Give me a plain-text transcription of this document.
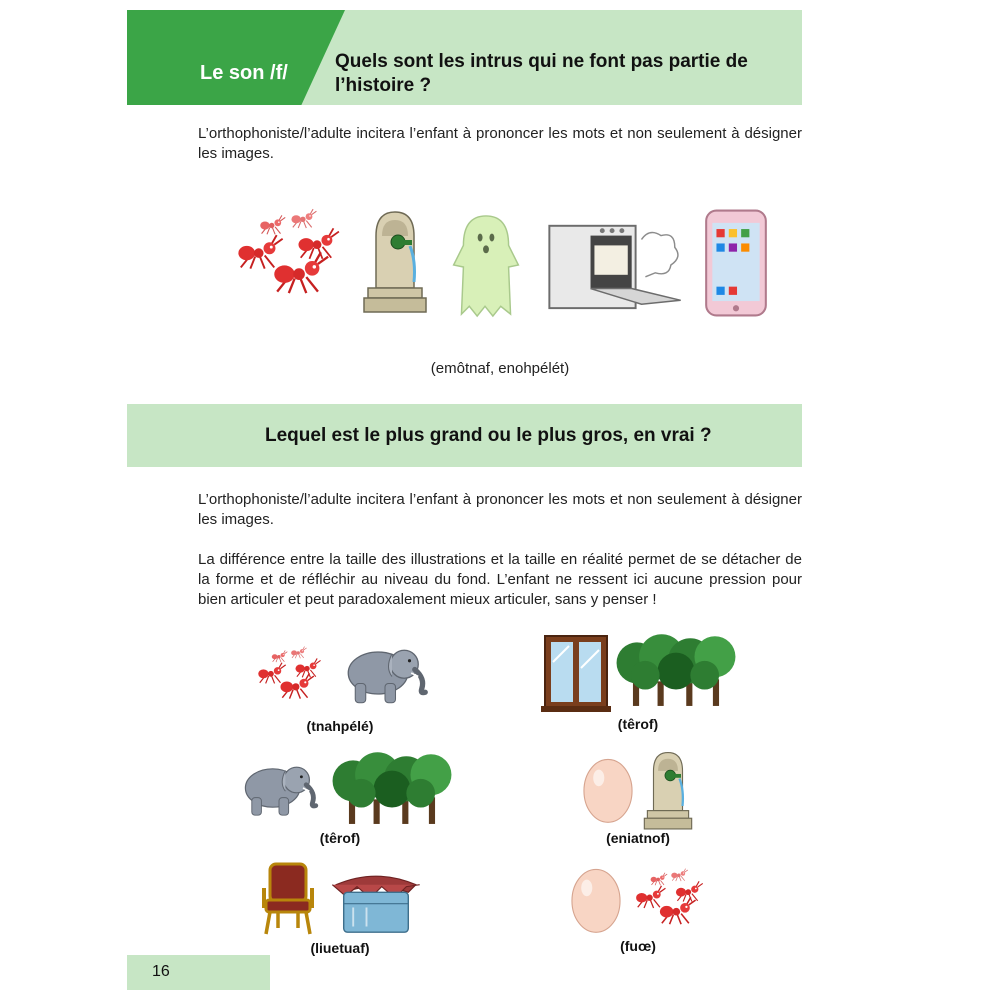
Le son /f/
Quels sont les intrus qui ne font pas partie de l’histoire ?

L’orthophoniste/l’adulte incitera l’enfant à prononcer les mots et non seulement à désigner les images.

(emôtnaf, enohpélét)
Lequel est le plus grand ou le plus gros, en vrai ?

L’orthophoniste/l’adulte incitera l’enfant à prononcer les mots et non seulement à désigner les images.

La différence entre la taille des illustrations et la taille en réalité permet de se détacher de la forme et de réfléchir au niveau du fond. L’enfant ne ressent ici aucune pression pour bien articuler et peut paradoxalement mieux articuler, sans y penser !

(tnahpélé)	(têrof)
(têrof)	(eniatnof)
(liuetuaf)	(fuœ)
16
